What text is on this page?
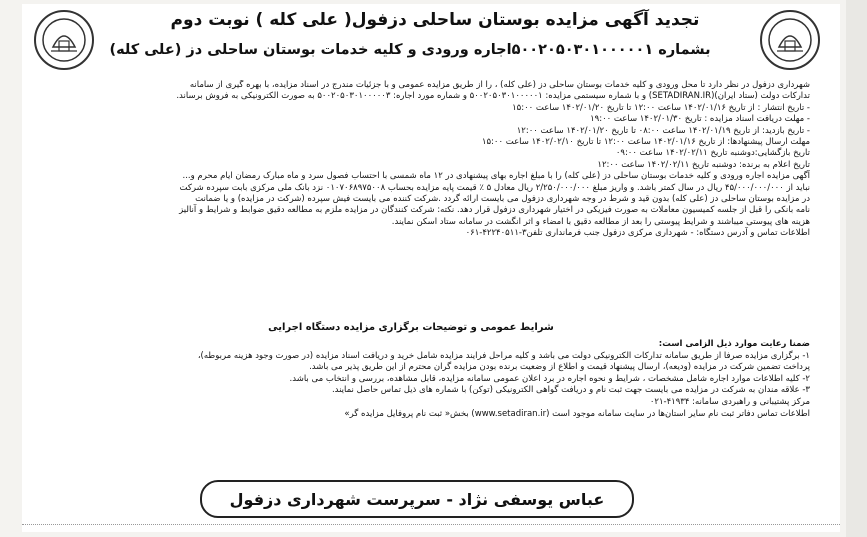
تجدید آگهی مزایده بوستان ساحلی دزفول( علی کله ) نوبت دوم
بشماره ۵۰۰۲۰۵۰۳۰۱۰۰۰۰۰۱اجاره ورودی و کلیه خدمات بوستان ساحلی دز (علی کله)

شهرداری دزفول در نظر دارد تا محل ورودی و کلیه خدمات بوستان ساحلی دز (علی کله) ، را از طریق مزایده عمومی و با جزئیات مندرج در اسناد مزایده، با بهره گیری از سامانه

تدارکات دولت (ستاد ایران)(SETADIRAN.IR) و با شماره سیستمی مزایده: ۵۰۰۲۰۵۰۳۰۱۰۰۰۰۰۱ و شماره مورد اجاره: ۵۰۰۲۰۵۰۳۰۱۰۰۰۰۰۳ به صورت الکترونیکی به فروش برساند.

- تاریخ انتشار : از تاریخ ۱۴۰۲/۰۱/۱۶ ساعت ۱۲:۰۰ تا تاریخ ۱۴۰۲/۰۱/۲۰ ساعت ۱۵:۰۰

- مهلت دریافت اسناد مزایده : تاریخ ۱۴۰۲/۰۱/۳۰ ساعت ۱۹:۰۰

- تاریخ بازدید: از تاریخ ۱۴۰۲/۰۱/۱۹ ساعت ۰۸:۰۰ تا تاریخ ۱۴۰۲/۰۱/۲۰ ساعت ۱۲:۰۰

مهلت ارسال پیشنهادها: از تاریخ ۱۴۰۲/۰۱/۱۶ ساعت ۱۲:۰۰ تا تاریخ ۱۴۰۲/۰۲/۱۰ ساعت ۱۵:۰۰

تاریخ بازگشایی:دوشنبه تاریخ ۱۴۰۲/۰۲/۱۱ ساعت ۰۹:۰۰

تاریخ اعلام به برنده: دوشنبه تاریخ ۱۴۰۲/۰۲/۱۱ ساعت ۱۲:۰۰

آگهی مزایده اجاره ورودی و کلیه خدمات بوستان ساحلی دز (علی کله) را با مبلغ اجاره بهای پیشنهادی در ۱۲ ماه شمسی با احتساب فصول سرد و ماه مبارک رمضان ایام محرم و...

نباید از ۴۵/۰۰۰/۰۰۰/۰۰۰ ریال در سال کمتر باشد. و واریز مبلغ ۲/۲۵۰/۰۰۰/۰۰۰ ریال معادل ۵ ٪ قیمت پایه مزایده بحساب ۰۱۰۷۰۶۸۹۷۵۰۰۸ نزد بانک ملی مرکزی بابت سپرده شرکت

در مزایده بوستان ساحلی دز (علی کله) بدون قید و شرط در وجه شهرداری دزفول می بایست ارائه گردد .شرکت کننده می بایست فیش سپرده (شرکت در مزایده) و یا ضمانت

نامه بانکی را قبل از جلسه کمیسیون معاملات به صورت فیزیکی در اختیار شهرداری دزفول قرار دهد. نکته: شرکت کنندگان در مزایده ملزم به مطالعه دقیق ضوابط و شرایط و آنالیز

هزینه های پیوستی میباشند و شرایط پیوستی را بعد از مطالعه دقیق با امضاء و اثر انگشت در سامانه ستاد اسکن نمایند.

اطلاعات تماس و آدرس دستگاه: - شهرداری مرکزی دزفول جنب فرمانداری تلفن۳-۴۲۲۴۰۵۱۱-۰۶۱

شرایط عمومی و توضیحات برگزاری مزایده دستگاه اجرایی

ضمنا رعایت موارد ذیل الزامی است:

۱- برگزاری مزایده صرفا از طریق سامانه تدارکات الکترونیکی دولت می باشد و کلیه مراحل فرایند مزایده شامل خرید و دریافت اسناد مزایده (در صورت وجود هزینه مربوطه)،

پرداخت تضمین شرکت در مزایده (ودیعه)، ارسال پیشنهاد قیمت و اطلاع از وضعیت برنده بودن مزایده گران محترم از این طریق پذیر می باشد.

۲- کلیه اطلاعات موارد اجاره شامل مشخصات ، شرایط و نحوه اجاره در برد اعلان عمومی سامانه مزایده، قابل مشاهده، بررسی و انتخاب می باشد.

۳- علاقه مندان به شرکت در مزایده می بایست جهت ثبت نام و دریافت گواهی الکترونیکی (توکن) با شماره های ذیل تماس حاصل نمایند.

مرکز پشتیبانی و راهبردی سامانه: ۴۱۹۳۴-۰۲۱

اطلاعات تماس دفاتر ثبت نام سایر استان‌ها در سایت سامانه موجود است (www.setadiran.ir) بخش« ثبت نام پروفایل مزایده گر»

عباس یوسفی نژاد - سرپرست شهرداری دزفول
